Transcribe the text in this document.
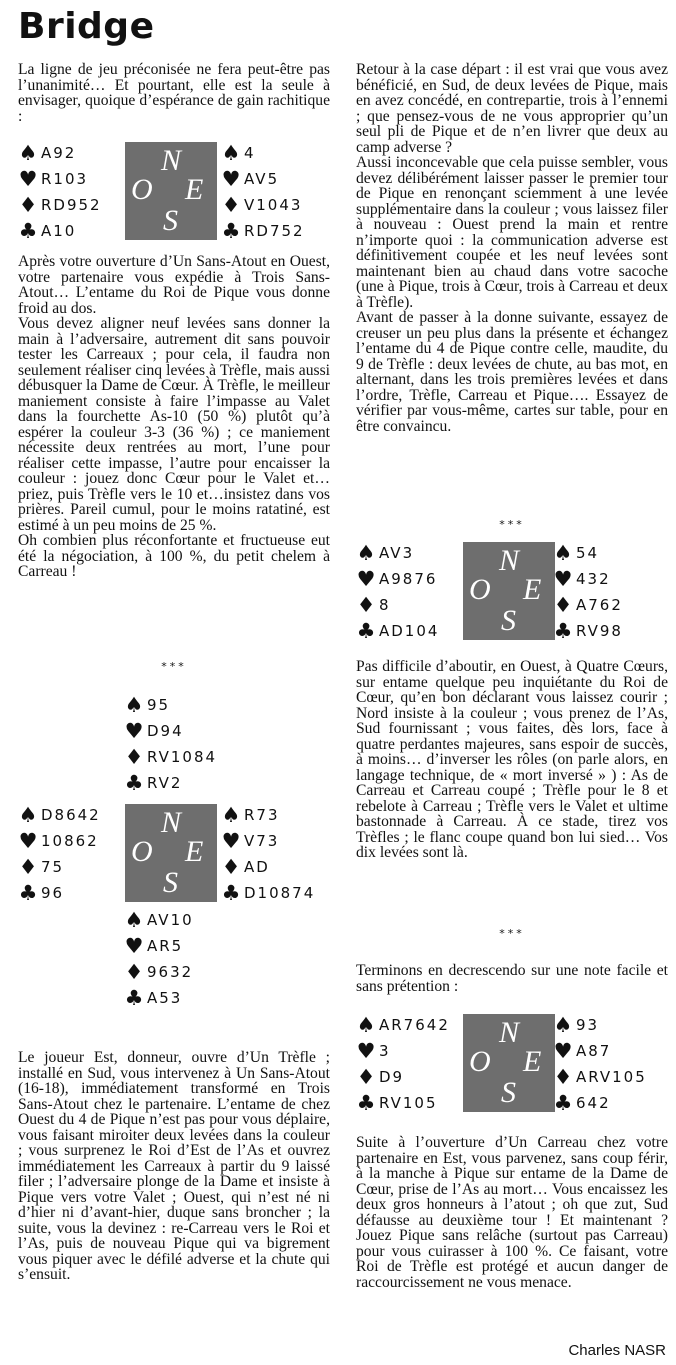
Bridge

La ligne de jeu préconisée ne fera peut-être pas l’unanimité… Et pourtant, elle est la seule à envisager, quoique d’espérance de gain rachitique :

♠ A92
♥ R103
♦ RD952
♣ A10
N
O E
S
♠ 4
♥ AV5
♦ V1043
♣ RD752

Après votre ouverture d’Un Sans-Atout en Ouest, votre partenaire vous expédie à Trois Sans-Atout… L’entame du Roi de Pique vous donne froid au dos.

Vous devez aligner neuf levées sans donner la main à l’adversaire, autrement dit sans pouvoir tester les Carreaux ; pour cela, il faudra non seulement réaliser cinq levées à Trèfle, mais aussi débusquer la Dame de Cœur. À Trèfle, le meilleur maniement consiste à faire l’impasse au Valet dans la fourchette As-10 (50 %) plutôt qu’à espérer la couleur 3-3 (36 %) ; ce maniement nécessite deux rentrées au mort, l’une pour réaliser cette impasse, l’autre pour encaisser la couleur : jouez donc Cœur pour le Valet et…priez, puis Trèfle vers le 10 et…insistez dans vos prières. Pareil cumul, pour le moins ratatiné, est estimé à un peu moins de 25 %.

Oh combien plus réconfortante et fructueuse eut été la négociation, à 100 %, du petit chelem à Carreau !

***
♠ 95
♥ D94
♦ RV1084
♣ RV2
♠ D8642
♥ 10862
♦ 75
♣ 96
N
O E
S
♠ R73
♥ V73
♦ AD
♣ D10874
♠ AV10
♥ AR5
♦ 9632
♣ A53

Le joueur Est, donneur, ouvre d’Un Trèfle ; installé en Sud, vous intervenez à Un Sans-Atout (16-18), immédiatement transformé en Trois Sans-Atout chez le partenaire. L’entame de chez Ouest du 4 de Pique n’est pas pour vous déplaire, vous faisant miroiter deux levées dans la couleur ; vous surprenez le Roi d’Est de l’As et ouvrez immédiatement les Carreaux à partir du 9 laissé filer ; l’adversaire plonge de la Dame et insiste à Pique vers votre Valet ; Ouest, qui n’est né ni d’hier ni d’avant-hier, duque sans broncher ; la suite, vous la devinez : re-Carreau vers le Roi et l’As, puis de nouveau Pique qui va bigrement vous piquer avec le défilé adverse et la chute qui s’ensuit.

Retour à la case départ : il est vrai que vous avez bénéficié, en Sud, de deux levées de Pique, mais en avez concédé, en contrepartie, trois à l’ennemi ; que pensez-vous de ne vous approprier qu’un seul pli de Pique et de n’en livrer que deux au camp adverse ?

Aussi inconcevable que cela puisse sembler, vous devez délibérément laisser passer le premier tour de Pique en renonçant sciemment à une levée supplémentaire dans la couleur ; vous laissez filer à nouveau : Ouest prend la main et rentre n’importe quoi : la communication adverse est définitivement coupée et les neuf levées sont maintenant bien au chaud dans votre sacoche (une à Pique, trois à Cœur, trois à Carreau et deux à Trèfle).

Avant de passer à la donne suivante, essayez de creuser un peu plus dans la présente et échangez l’entame du 4 de Pique contre celle, maudite, du 9 de Trèfle : deux levées de chute, au bas mot, en alternant, dans les trois premières levées et dans l’ordre, Trèfle, Carreau et Pique…. Essayez de vérifier par vous-même, cartes sur table, pour en être convaincu.

***
♠ AV3
♥ A9876
♦ 8
♣ AD104
N
O E
S
♠ 54
♥ 432
♦ A762
♣ RV98

Pas difficile d’aboutir, en Ouest, à Quatre Cœurs, sur entame quelque peu inquiétante du Roi de Cœur, qu’en bon déclarant vous laissez courir ; Nord insiste à la couleur ; vous prenez de l’As, Sud fournissant ; vous faites, dès lors, face à quatre perdantes majeures, sans espoir de succès, à moins… d’inverser les rôles (on parle alors, en langage technique, de « mort inversé » ) : As de Carreau et Carreau coupé ; Trèfle pour le 8 et rebelote à Carreau ; Trèfle vers le Valet et ultime bastonnade à Carreau. À ce stade, tirez vos Trèfles ; le flanc coupe quand bon lui sied… Vos dix levées sont là.

***

Terminons en decrescendo sur une note facile et sans prétention :

♠ AR7642
♥ 3
♦ D9
♣ RV105
N
O E
S
♠ 93
♥ A87
♦ ARV105
♣ 642

Suite à l’ouverture d’Un Carreau chez votre partenaire en Est, vous parvenez, sans coup férir, à la manche à Pique sur entame de la Dame de Cœur, prise de l’As au mort… Vous encaissez les deux gros honneurs à l’atout ; oh que zut, Sud défausse au deuxième tour ! Et maintenant ? Jouez Pique sans relâche (surtout pas Carreau) pour vous cuirasser à 100 %. Ce faisant, votre Roi de Trèfle est protégé et aucun danger de raccourcissement ne vous menace.

Charles NASR
